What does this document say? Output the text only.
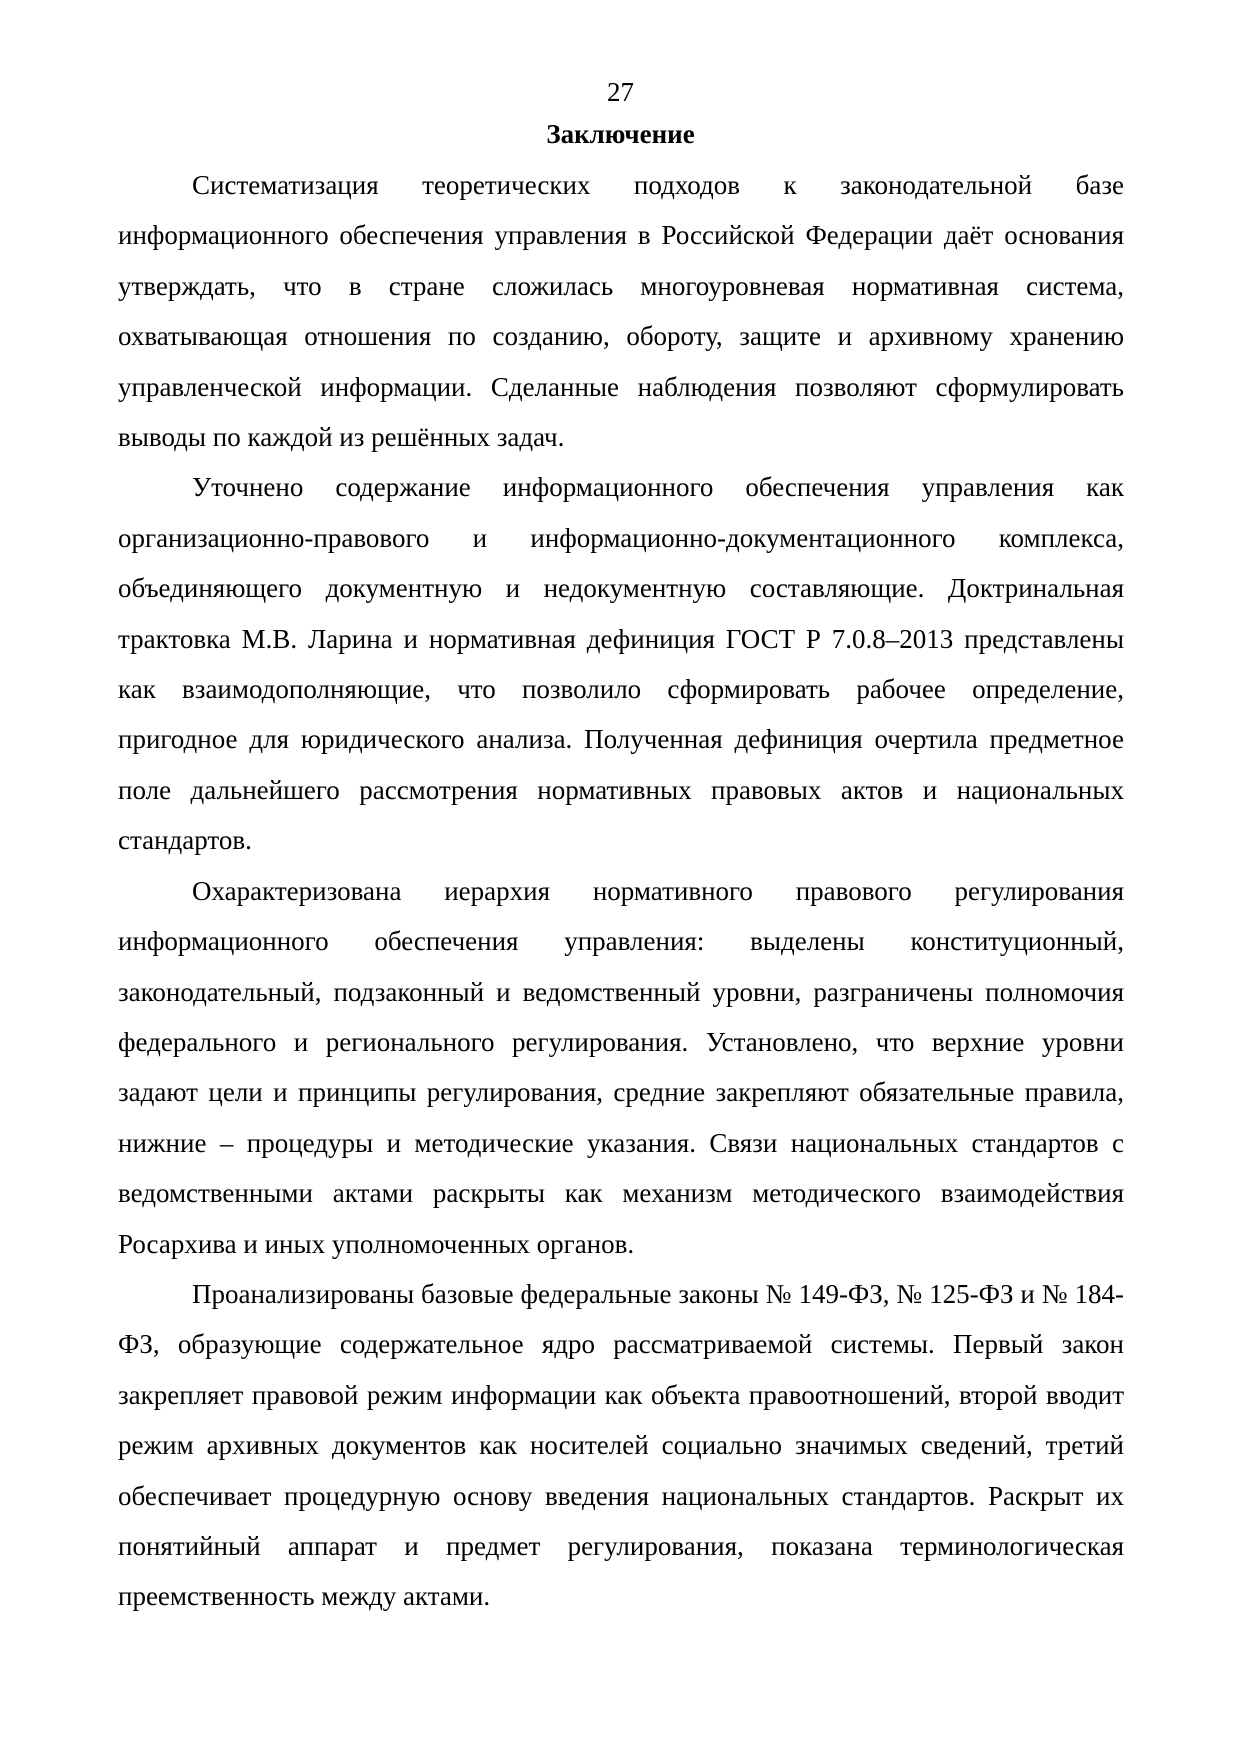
27
Заключение

Систематизация теоретических подходов к законодательной базе информационного обеспечения управления в Российской Федерации даёт основания утверждать, что в стране сложилась многоуровневая нормативная система, охватывающая отношения по созданию, обороту, защите и архивному хранению управленческой информации. Сделанные наблюдения позволяют сформулировать выводы по каждой из решённых задач.

Уточнено содержание информационного обеспечения управления как организационно-правового и информационно-документационного комплекса, объединяющего документную и недокументную составляющие. Доктринальная трактовка М.В. Ларина и нормативная дефиниция ГОСТ Р 7.0.8–2013 представлены как взаимодополняющие, что позволило сформировать рабочее определение, пригодное для юридического анализа. Полученная дефиниция очертила предметное поле дальнейшего рассмотрения нормативных правовых актов и национальных стандартов.

Охарактеризована иерархия нормативного правового регулирования информационного обеспечения управления: выделены конституционный, законодательный, подзаконный и ведомственный уровни, разграничены полномочия федерального и регионального регулирования. Установлено, что верхние уровни задают цели и принципы регулирования, средние закрепляют обязательные правила, нижние – процедуры и методические указания. Связи национальных стандартов с ведомственными актами раскрыты как механизм методического взаимодействия Росархива и иных уполномоченных органов.

Проанализированы базовые федеральные законы № 149-ФЗ, № 125-ФЗ и № 184-ФЗ, образующие содержательное ядро рассматриваемой системы. Первый закон закрепляет правовой режим информации как объекта правоотношений, второй вводит режим архивных документов как носителей социально значимых сведений, третий обеспечивает процедурную основу введения национальных стандартов. Раскрыт их понятийный аппарат и предмет регулирования, показана терминологическая преемственность между актами.
